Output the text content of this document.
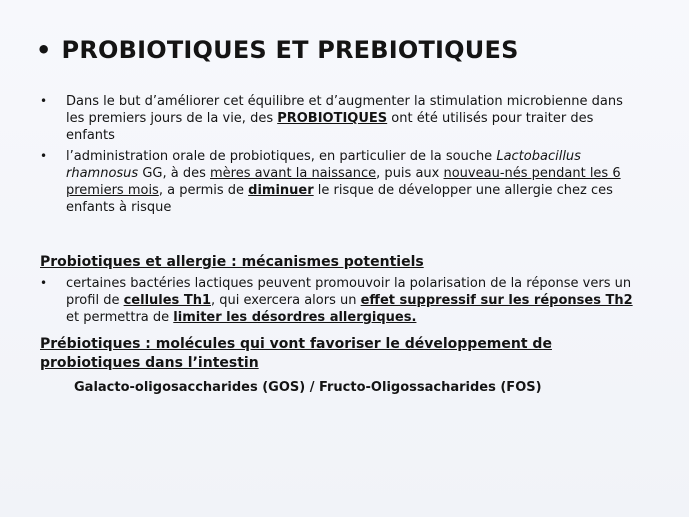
• PROBIOTIQUES ET PREBIOTIQUES
•	Dans le but d’améliorer cet équilibre et d’augmenter la stimulation microbienne dans les premiers jours de la vie, des PROBIOTIQUES ont été utilisés pour traiter des enfants
•	l’administration orale de probiotiques, en particulier de la souche Lactobacillus rhamnosus GG, à des mères avant la naissance, puis aux nouveau-nés pendant les 6 premiers mois, a permis de diminuer le risque de développer une allergie chez ces enfants à risque
Probiotiques et allergie : mécanismes potentiels
•	certaines bactéries lactiques peuvent promouvoir la polarisation de la réponse vers un profil de cellules Th1, qui exercera alors un effet suppressif sur les réponses Th2 et permettra de limiter les désordres allergiques.
Prébiotiques : molécules qui vont favoriser le développement de probiotiques dans l’intestin
Galacto-oligosaccharides (GOS) / Fructo-Oligossacharides (FOS)
